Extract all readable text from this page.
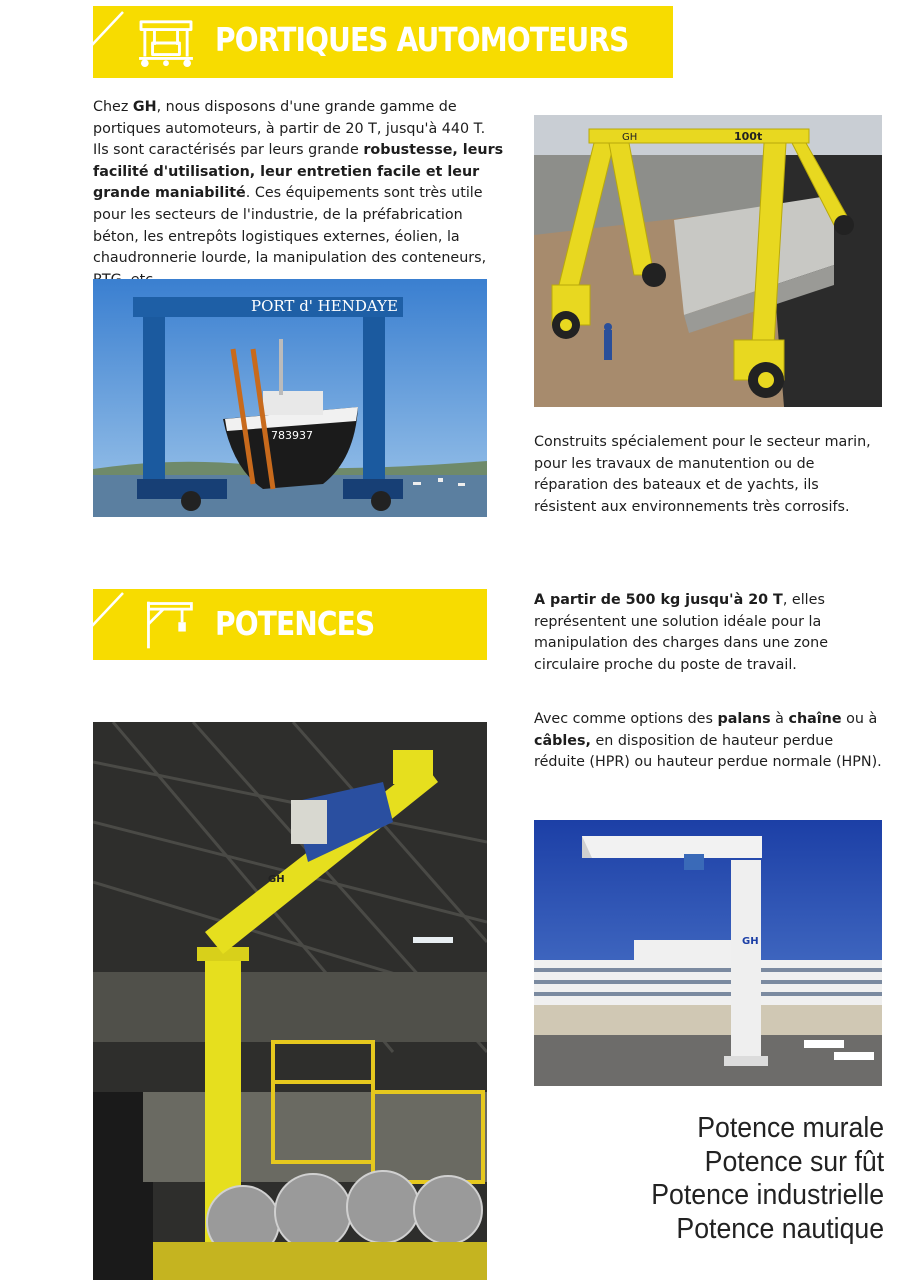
PORTIQUES AUTOMOTEURS
Chez GH, nous disposons d'une grande gamme de portiques automoteurs, à partir de 20 T, jusqu'à 440 T. Ils sont caractérisés par leurs grande robustesse, leurs facilité d'utilisation, leur entretien facile et leur grande maniabilité. Ces équipements sont très utile pour les secteurs de l'industrie, de la préfabrication béton, les entrepôts logistiques externes, éolien, la chaudronnerie lourde, la manipulation des conteneurs,
PORT d' HENDAYE
783937
100t
GH
Construits spécialement pour le secteur marin, pour les travaux de manutention ou de réparation des bateaux et de yachts, ils résistent aux environnements très corrosifs.
POTENCES
A partir de 500 kg jusqu'à 20 T, elles représentent une solution idéale pour la manipulation des charges dans une zone circulaire proche du poste de travail.
Avec comme options des palans à chaîne ou à câbles, en disposition de hauteur perdue réduite (HPR) ou hauteur perdue normale (HPN).
GH
GH
Potence murale
Potence sur fût
Potence industrielle
Potence nautique
